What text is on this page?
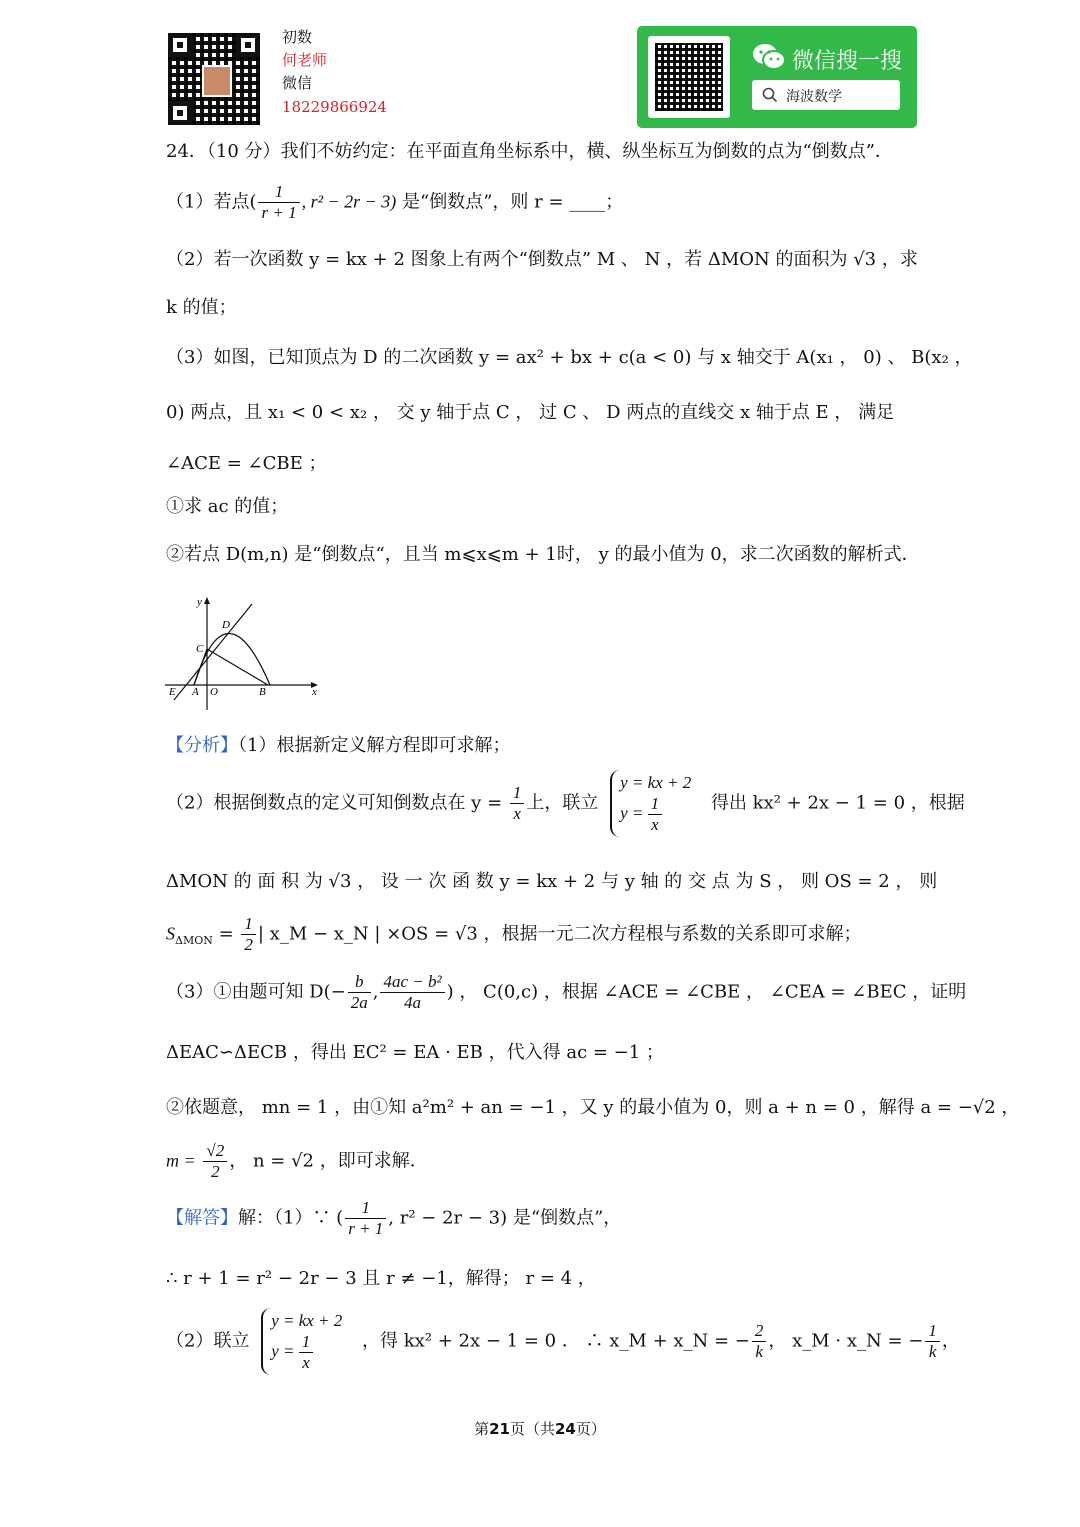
初数
何老师
微信
18229866924
微信搜一搜
海波数学
24．（10 分）我们不妨约定：在平面直角坐标系中，横、纵坐标互为倒数的点为“倒数点”．
（1）若点( $\frac{1}{r + 1}$ , r² − 2r − 3) 是“倒数点”，则 r = ____；
（2）若一次函数 y = kx + 2 图象上有两个“倒数点” M 、 N ，若 ΔMON 的面积为 √3 ，求
k 的值；
（3）如图，已知顶点为 D 的二次函数 y = ax² + bx + c(a < 0) 与 x 轴交于 A(x₁ ， 0) 、 B(x₂ ，
0) 两点，且 x₁ < 0 < x₂ ， 交 y 轴于点 C ， 过 C 、 D 两点的直线交 x 轴于点 E ， 满足
∠ACE = ∠CBE ；
①求 ac 的值；
②若点 D(m,n) 是“倒数点“，且当 m⩽x⩽m + 1时， y 的最小值为 0，求二次函数的解析式．
y
x
D
C
E A O	B
【分析】（1）根据新定义解方程即可求解；
（2）根据倒数点的定义可知倒数点在 $y = \frac{1}{x}$ 上，联立
y = kx + 2
$y = \frac{1}{x}$	得出 kx² + 2x − 1 = 0 ，根据
ΔMON 的 面 积 为 √3 ， 设 一 次 函 数 y = kx + 2 与 y 轴 的 交 点 为 S ， 则 OS = 2 ， 则
$S_{\Delta MON} = \frac{1}{2}$ | x_M − x_N | ×OS = √3 ，根据一元二次方程根与系数的关系即可求解；
（3）①由题可知 $D(- \frac{b}{2a}$ , $\frac{\text{4ac − b²}}{4a}$ ) ， C(0,c) ，根据 ∠ACE = ∠CBE ， ∠CEA = ∠BEC ，证明
ΔEAC∽ΔECB ，得出 EC² = EA · EB ，代入得 ac = −1 ；
②依题意， mn = 1 ，由①知 a²m² + an = −1 ，又 y 的最小值为 0，则 a + n = 0 ，解得 a = −√2 ，
$m = \frac{√2}{2}$ ， n = √2 ，即可求解．
【解答】解：（1）∵ ( $\frac{1}{r + 1}$ , r² − 2r − 3) 是“倒数点”，
∴ r + 1 = r² − 2r − 3 且 r ≠ −1，解得； r = 4 ，
（2）联立
y = kx + 2
$y = \frac{1}{x}$	，得 kx² + 2x − 1 = 0 ． ∴ x_M + x_N = − $\frac{2}{k}$ ， x_M · x_N = − $\frac{1}{k}$ ，
第21页（共24页）
